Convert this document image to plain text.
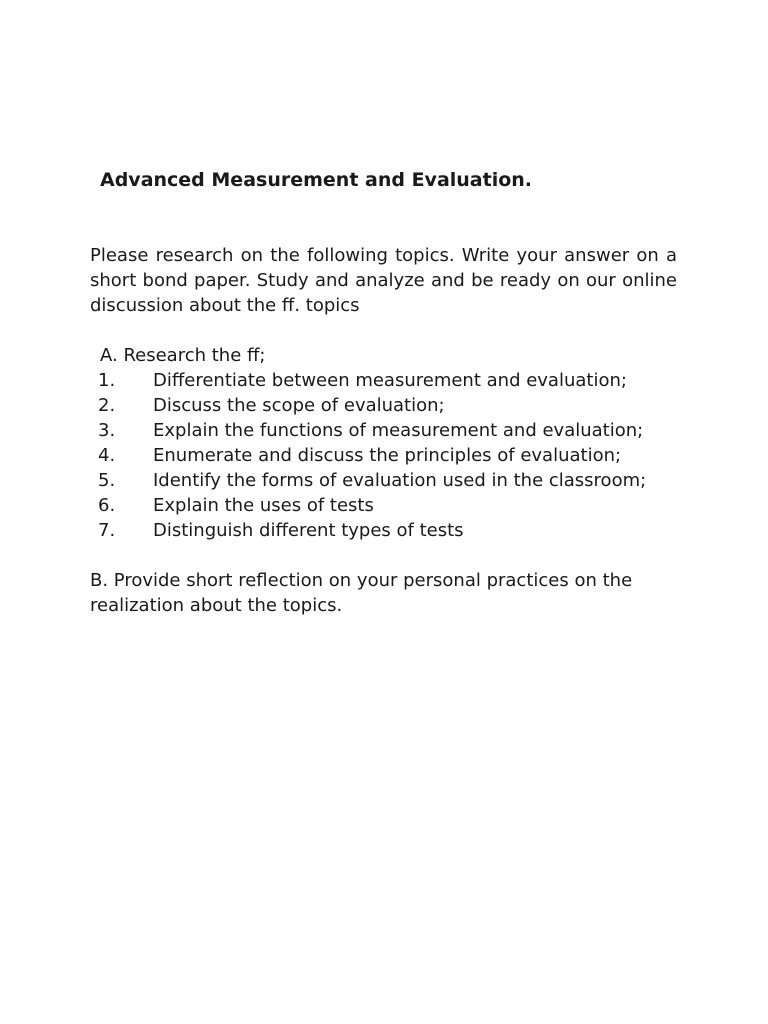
Advanced Measurement and Evaluation.

Please research on the following topics. Write your answer on a short bond paper. Study and analyze and be ready on our online discussion about the ff. topics

A. Research the ff;
1.	Differentiate between measurement and evaluation;
2.	Discuss the scope of evaluation;
3.	Explain the functions of measurement and evaluation;
4.	Enumerate and discuss the principles of evaluation;
5.	Identify the forms of evaluation used in the classroom;
6.	Explain the uses of tests
7.	Distinguish different types of tests

B. Provide short reflection on your personal practices on the realization about the topics.
